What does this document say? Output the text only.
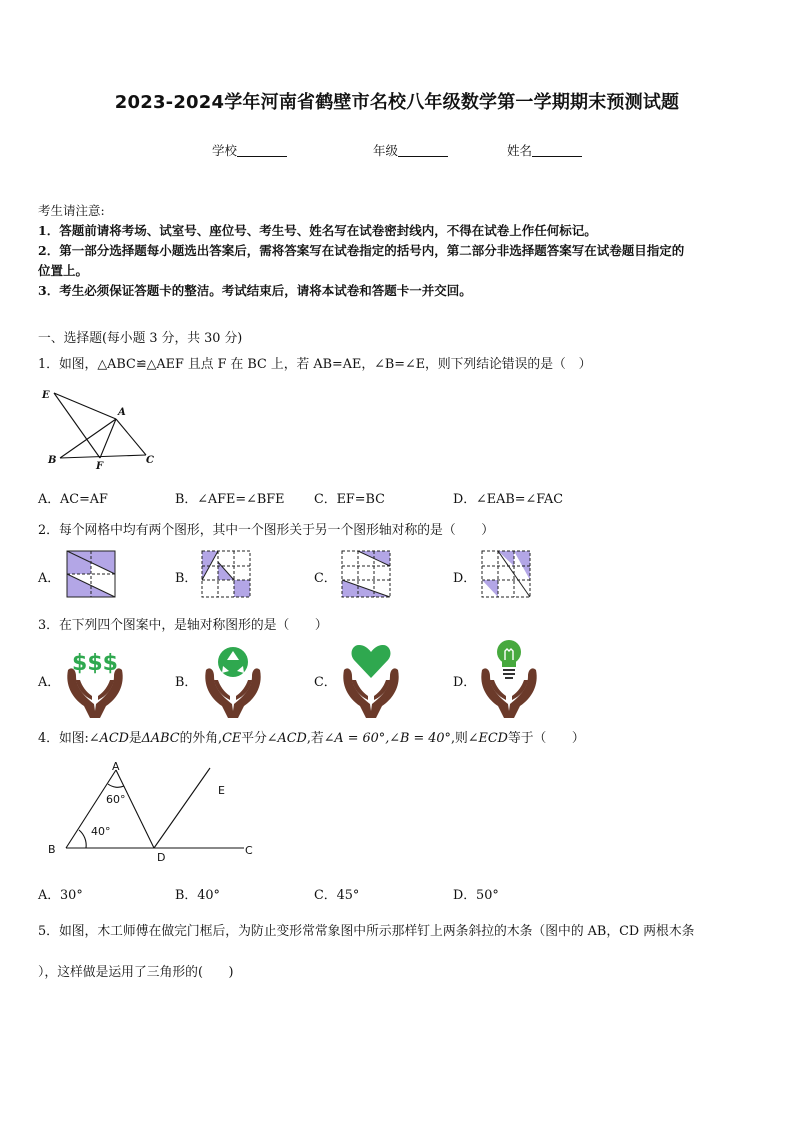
2023-2024学年河南省鹤壁市名校八年级数学第一学期期末预测试题
学校	年级	姓名
考生请注意:
1．答题前请将考场、试室号、座位号、考生号、姓名写在试卷密封线内，不得在试卷上作任何标记。
2．第一部分选择题每小题选出答案后，需将答案写在试卷指定的括号内，第二部分非选择题答案写在试卷题目指定的
位置上。
3．考生必须保证答题卡的整洁。考试结束后，请将本试卷和答题卡一并交回。
一、选择题(每小题 3 分，共 30 分)
1．如图，△ABC≌△AEF 且点 F 在 BC 上，若 AB=AE，∠B=∠E，则下列结论错误的是（　）
E
A
B
F
C
A．AC=AF	B．∠AFE=∠BFE C．EF=BC	D．∠EAB=∠FAC
2．每个网格中均有两个图形，其中一个图形关于另一个图形轴对称的是（　　）
A．	B．	C．	D．
3．在下列四个图案中，是轴对称图形的是（　　）
A．	B．	C．	D．
$$$
4．如图:∠ACD是ΔABC的外角,CE平分∠ACD,若∠A = 60°,∠B = 40°,则∠ECD等于（　　）
A
E
B
D
C
60°
40°
A．30°	B．40°	C．45°	D．50°
5．如图，木工师傅在做完门框后，为防止变形常常象图中所示那样钉上两条斜拉的木条（图中的 AB，CD 两根木条
），这样做是运用了三角形的(　　)
